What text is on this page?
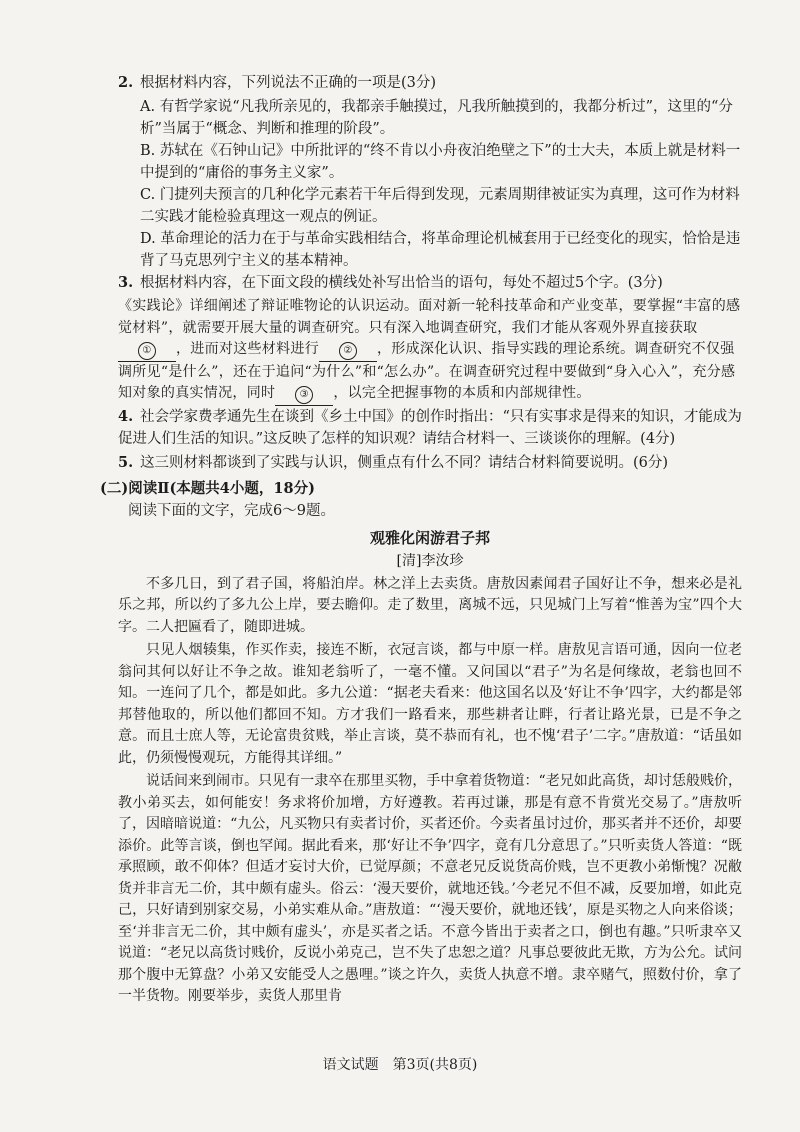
2. 根据材料内容，下列说法不正确的一项是(3分)

A. 有哲学家说“凡我所亲见的，我都亲手触摸过，凡我所触摸到的，我都分析过”，这里的“分析”当属于“概念、判断和推理的阶段”。

B. 苏轼在《石钟山记》中所批评的“终不肯以小舟夜泊绝壁之下”的士大夫，本质上就是材料一中提到的“庸俗的事务主义家”。

C. 门捷列夫预言的几种化学元素若干年后得到发现，元素周期律被证实为真理，这可作为材料二实践才能检验真理这一观点的例证。

D. 革命理论的活力在于与革命实践相结合，将革命理论机械套用于已经变化的现实，恰恰是违背了马克思列宁主义的基本精神。

3. 根据材料内容，在下面文段的横线处补写出恰当的语句，每处不超过5个字。(3分)

《实践论》详细阐述了辩证唯物论的认识运动。面对新一轮科技革命和产业变革，要掌握“丰富的感觉材料”，就需要开展大量的调查研究。只有深入地调查研究，我们才能从客观外界直接获取① ，进而对这些材料进行 ② ，形成深化认识、指导实践的理论系统。调查研究不仅强调所见“是什么”，还在于追问“为什么”和“怎么办”。在调查研究过程中要做到“身入心入”，充分感知对象的真实情况，同时 ③ ，以完全把握事物的本质和内部规律性。

4. 社会学家费孝通先生在谈到《乡土中国》的创作时指出：“只有实事求是得来的知识，才能成为促进人们生活的知识。”这反映了怎样的知识观？请结合材料一、三谈谈你的理解。(4分)

5. 这三则材料都谈到了实践与认识，侧重点有什么不同？请结合材料简要说明。(6分)

(二)阅读Ⅱ(本题共4小题，18分)

阅读下面的文字，完成6～9题。

观雅化闲游君子邦

[清]李汝珍

不多几日，到了君子国，将船泊岸。林之洋上去卖货。唐敖因素闻君子国好让不争，想来必是礼乐之邦，所以约了多九公上岸，要去瞻仰。走了数里，离城不远，只见城门上写着“惟善为宝”四个大字。二人把匾看了，随即进城。

只见人烟辏集，作买作卖，接连不断，衣冠言谈，都与中原一样。唐敖见言语可通，因向一位老翁问其何以好让不争之故。谁知老翁听了，一毫不懂。又问国以“君子”为名是何缘故，老翁也回不知。一连问了几个，都是如此。多九公道：“据老夫看来：他这国名以及‘好让不争’四字，大约都是邻邦替他取的，所以他们都回不知。方才我们一路看来，那些耕者让畔，行者让路光景，已是不争之意。而且士庶人等，无论富贵贫贱，举止言谈，莫不恭而有礼，也不愧‘君子’二字。”唐敖道：“话虽如此，仍须慢慢观玩，方能得其详细。”

说话间来到闹市。只见有一隶卒在那里买物，手中拿着货物道：“老兄如此高货，却讨恁般贱价，教小弟买去，如何能安！务求将价加增，方好遵教。若再过谦，那是有意不肯赏光交易了。”唐敖听了，因暗暗说道：“九公，凡买物只有卖者讨价，买者还价。今卖者虽讨过价，那买者并不还价，却要添价。此等言谈，倒也罕闻。据此看来，那‘好让不争’四字，竟有几分意思了。”只听卖货人答道：“既承照顾，敢不仰体？但适才妄讨大价，已觉厚颜；不意老兄反说货高价贱，岂不更教小弟惭愧？况敝货并非言无二价，其中颇有虚头。俗云：‘漫天要价，就地还钱。’今老兄不但不减，反要加增，如此克己，只好请到别家交易，小弟实难从命。”唐敖道：“‘漫天要价，就地还钱’，原是买物之人向来俗谈；至‘并非言无二价，其中颇有虚头’，亦是买者之话。不意今皆出于卖者之口，倒也有趣。”只听隶卒又说道：“老兄以高货讨贱价，反说小弟克己，岂不失了忠恕之道？凡事总要彼此无欺，方为公允。试问那个腹中无算盘？小弟又安能受人之愚哩。”谈之许久，卖货人执意不增。隶卒赌气，照数付价，拿了一半货物。刚要举步，卖货人那里肯

语文试题　第3页(共8页)
